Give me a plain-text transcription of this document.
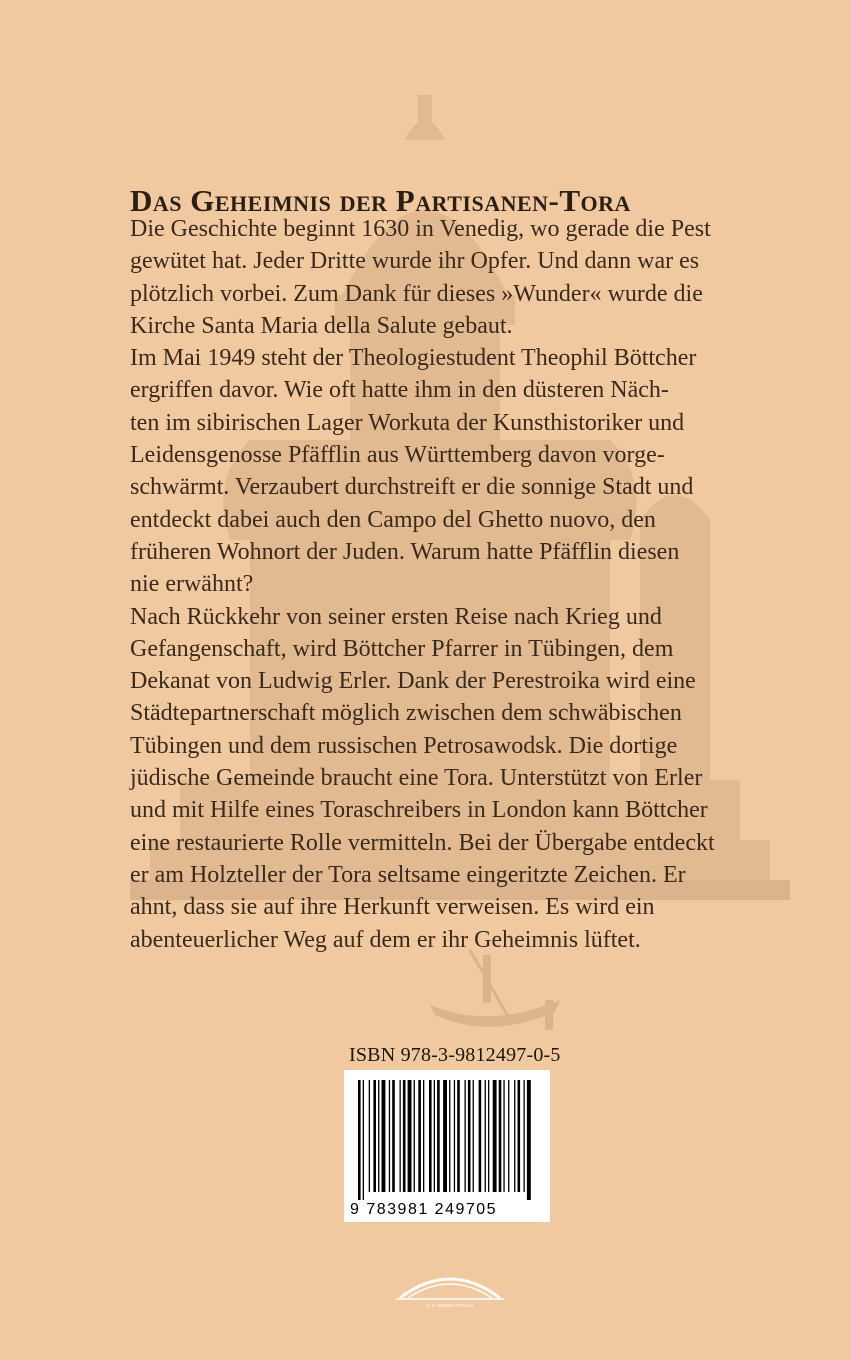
Das Geheimnis der Partisanen-Tora
Die Geschichte beginnt 1630 in Venedig, wo gerade die Pest
gewütet hat. Jeder Dritte wurde ihr Opfer. Und dann war es
plötzlich vorbei. Zum Dank für dieses »Wunder« wurde die
Kirche Santa Maria della Salute gebaut.
Im Mai 1949 steht der Theologiestudent Theophil Böttcher
ergriffen davor. Wie oft hatte ihm in den düsteren Näch-
ten im sibirischen Lager Workuta der Kunsthistoriker und
Leidensgenosse Pfäfflin aus Württemberg davon vorge-
schwärmt. Verzaubert durchstreift er die sonnige Stadt und
entdeckt dabei auch den Campo del Ghetto nuovo, den
früheren Wohnort der Juden. Warum hatte Pfäfflin diesen
nie erwähnt?
Nach Rückkehr von seiner ersten Reise nach Krieg und
Gefangenschaft, wird Böttcher Pfarrer in Tübingen, dem
Dekanat von Ludwig Erler. Dank der Perestroika wird eine
Städtepartnerschaft möglich zwischen dem schwäbischen
Tübingen und dem russischen Petrosawodsk. Die dortige
jüdische Gemeinde braucht eine Tora. Unterstützt von Erler
und mit Hilfe eines Toraschreibers in London kann Böttcher
eine restaurierte Rolle vermitteln. Bei der Übergabe entdeckt
er am Holzteller der Tora seltsame eingeritzte Zeichen. Er
ahnt, dass sie auf ihre Herkunft verweisen. Es wird ein
abenteuerlicher Weg auf dem er ihr Geheimnis lüftet.
ISBN 978-3-9812497-0-5
9 783981 249705
C. H. BENDER VERLAG
